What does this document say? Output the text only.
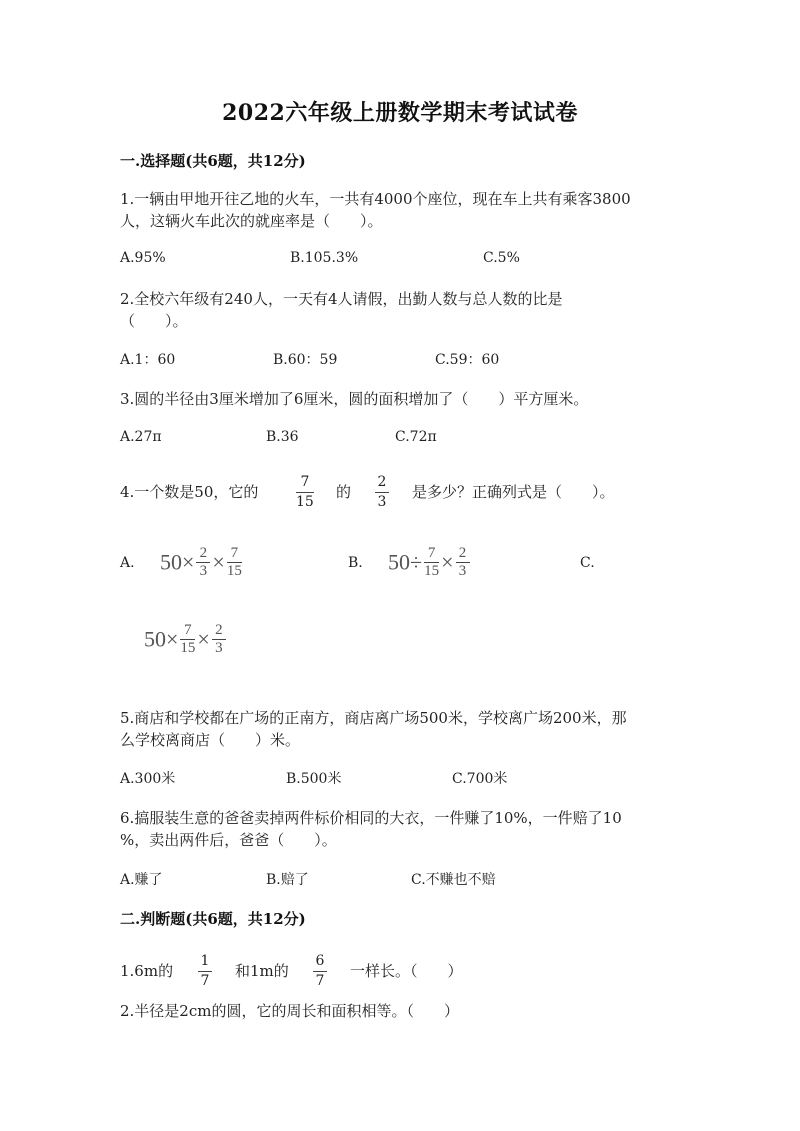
2022六年级上册数学期末考试试卷
一.选择题(共6题，共12分)
1.一辆由甲地开往乙地的火车，一共有4000个座位，现在车上共有乘客3800
人，这辆火车此次的就座率是（　　）。
A.95%	B.105.3%	C.5%
2.全校六年级有240人，一天有4人请假，出勤人数与总人数的比是
（　　）。
A.1：60	B.60：59	C.59：60
3.圆的半径由3厘米增加了6厘米，圆的面积增加了（　　）平方厘米。
A.27π	B.36	C.72π
4.一个数是50，它的
7
15
的
2
3
是多少？正确列式是（　　）。
A. $50\times \frac{2}{3} \times \frac{7}{15}$	B. $50\div \frac{7}{15} \times \frac{2}{3}$	C.
$50\times \frac{7}{15} \times \frac{2}{3}$
5.商店和学校都在广场的正南方，商店离广场500米，学校离广场200米，那
么学校离商店（　　）米。
A.300米	B.500米	C.700米
6.搞服装生意的爸爸卖掉两件标价相同的大衣，一件赚了10%，一件赔了10
%，卖出两件后，爸爸（　　）。
A.赚了	B.赔了	C.不赚也不赔
二.判断题(共6题，共12分)
1.6m的
1
7
和1m的
6
7
一样长。（　　）
2.半径是2cm的圆，它的周长和面积相等。（　　）
